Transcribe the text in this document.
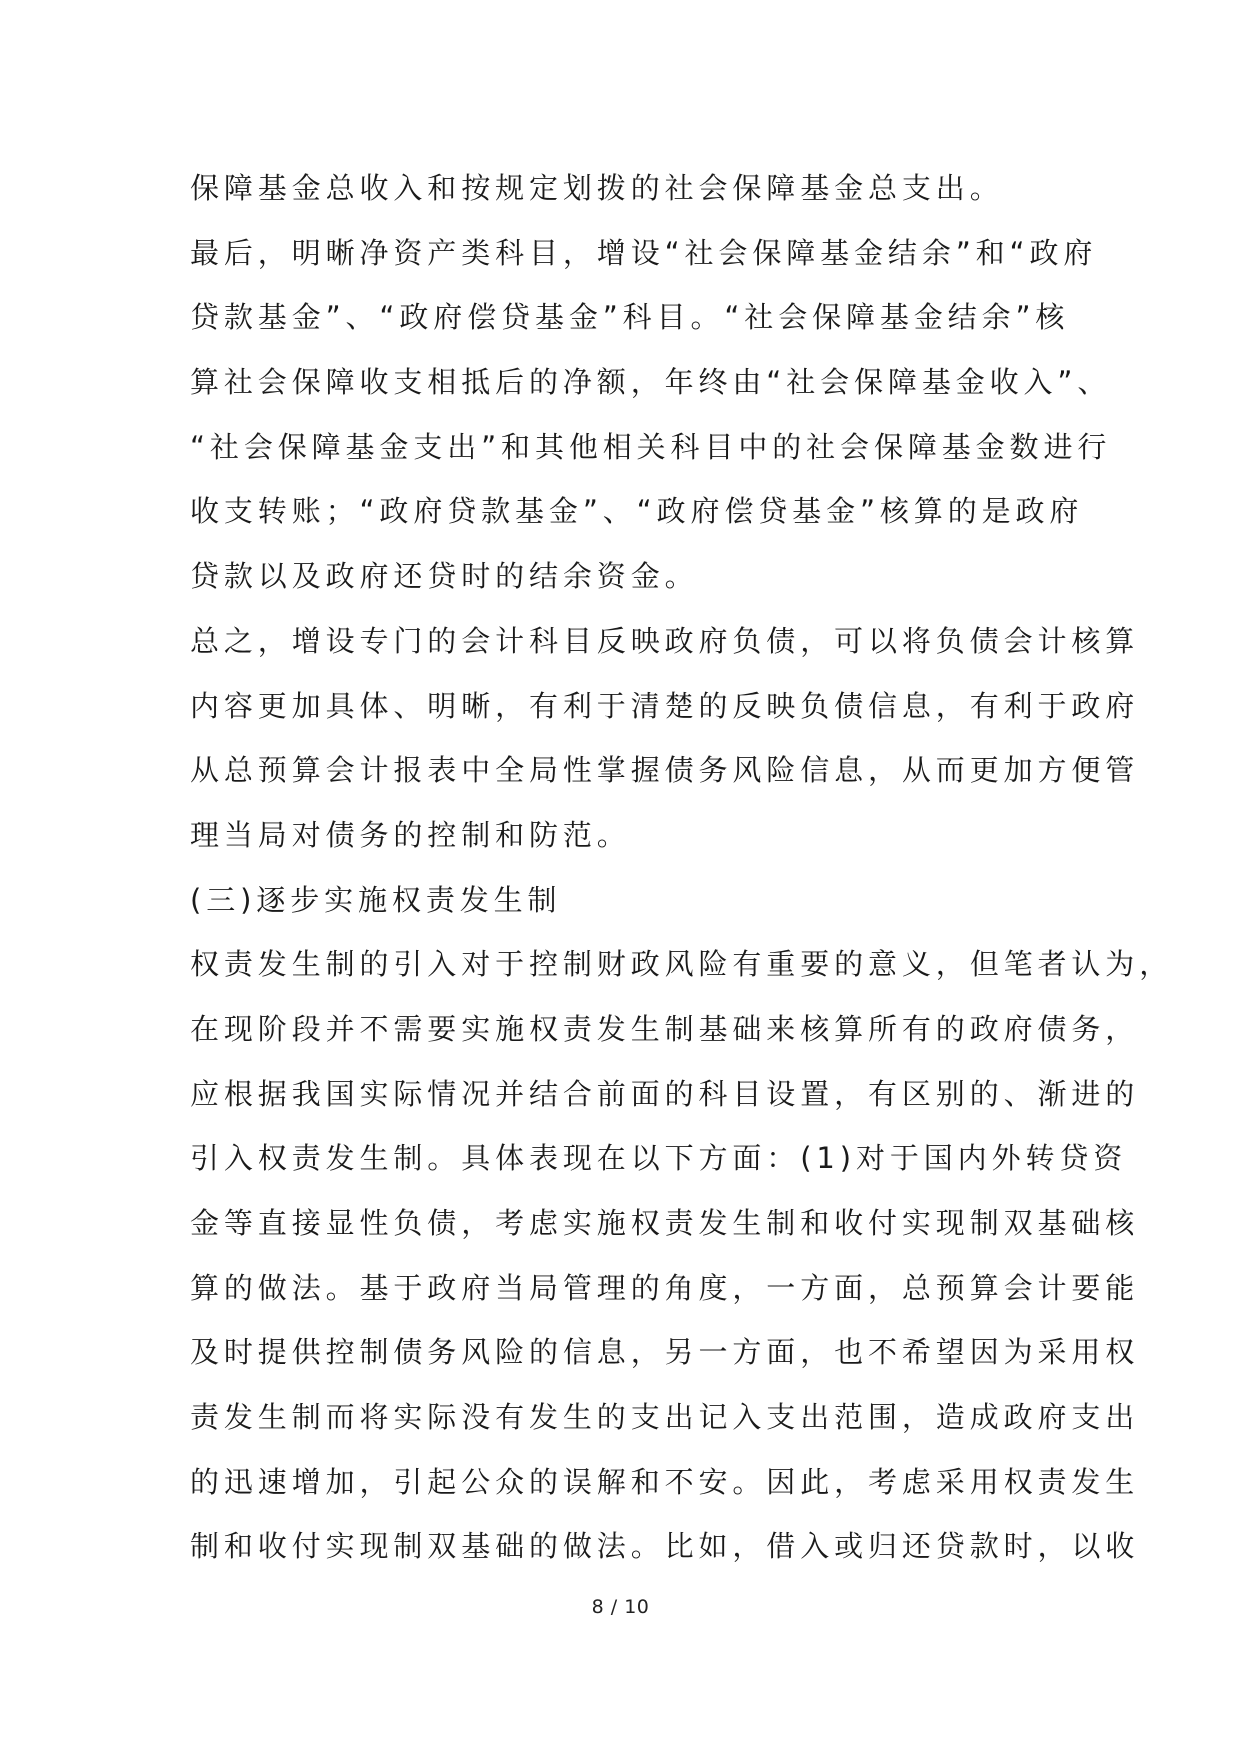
保障基金总收入和按规定划拨的社会保障基金总支出。
最后，明晰净资产类科目，增设“社会保障基金结余”和“政府
贷款基金”、“政府偿贷基金”科目。“社会保障基金结余”核
算社会保障收支相抵后的净额，年终由“社会保障基金收入”、
“社会保障基金支出”和其他相关科目中的社会保障基金数进行
收支转账；“政府贷款基金”、“政府偿贷基金”核算的是政府
贷款以及政府还贷时的结余资金。
总之，增设专门的会计科目反映政府负债，可以将负债会计核算
内容更加具体、明晰，有利于清楚的反映负债信息，有利于政府
从总预算会计报表中全局性掌握债务风险信息，从而更加方便管
理当局对债务的控制和防范。
(三)逐步实施权责发生制
权责发生制的引入对于控制财政风险有重要的意义，但笔者认为，
在现阶段并不需要实施权责发生制基础来核算所有的政府债务，
应根据我国实际情况并结合前面的科目设置，有区别的、渐进的
引入权责发生制。具体表现在以下方面：(1)对于国内外转贷资
金等直接显性负债，考虑实施权责发生制和收付实现制双基础核
算的做法。基于政府当局管理的角度，一方面，总预算会计要能
及时提供控制债务风险的信息，另一方面，也不希望因为采用权
责发生制而将实际没有发生的支出记入支出范围，造成政府支出
的迅速增加，引起公众的误解和不安。因此，考虑采用权责发生
制和收付实现制双基础的做法。比如，借入或归还贷款时，以收
8 / 10
